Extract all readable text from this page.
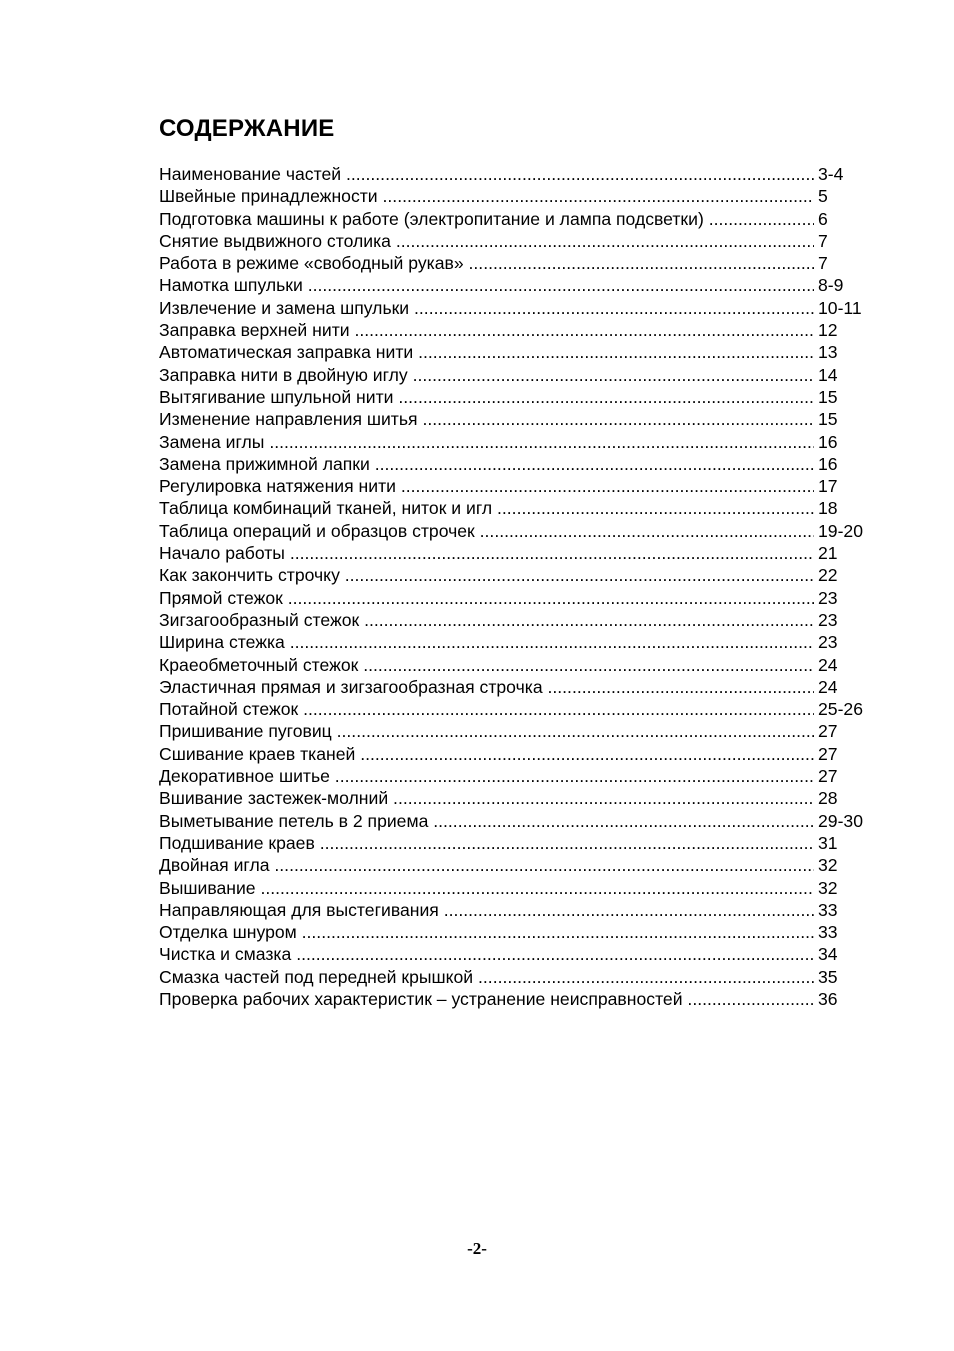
СОДЕРЖАНИЕ
Наименование частей .....	3-4
Швейные принадлежности .....	5
Подготовка машины к работе (электропитание и лампа подсветки) .....	6
Снятие выдвижного столика .....	7
Работа в режиме «свободный рукав» .....	7
Намотка шпульки .....	8-9
Извлечение и замена шпульки .....	10-11
Заправка верхней нити .....	12
Автоматическая заправка нити .....	13
Заправка нити в двойную иглу .....	14
Вытягивание шпульной нити .....	15
Изменение направления шитья .....	15
Замена иглы .....	16
Замена прижимной лапки .....	16
Регулировка натяжения нити .....	17
Таблица комбинаций тканей, ниток и игл .....	18
Таблица операций и образцов строчек .....	19-20
Начало работы .....	21
Как закончить строчку .....	22
Прямой стежок .....	23
Зигзагообразный стежок .....	23
Ширина стежка .....	23
Краеобметочный стежок .....	24
Эластичная прямая и зигзагообразная строчка .....	24
Потайной стежок .....	25-26
Пришивание пуговиц .....	27
Сшивание краев тканей .....	27
Декоративное шитье .....	27
Вшивание застежек-молний .....	28
Выметывание петель в 2 приема .....	29-30
Подшивание краев .....	31
Двойная игла .....	32
Вышивание .....	32
Направляющая для выстегивания .....	33
Отделка шнуром .....	33
Чистка и смазка .....	34
Смазка частей под передней крышкой .....	35
Проверка рабочих характеристик – устранение неисправностей .....	36

-2-
